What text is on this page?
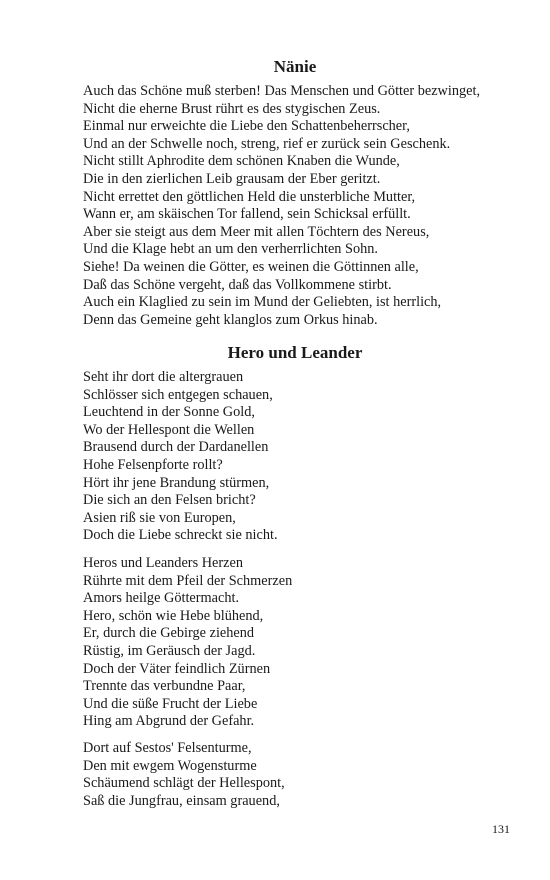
Nänie
Auch das Schöne muß sterben! Das Menschen und Götter bezwinget,
Nicht die eherne Brust rührt es des stygischen Zeus.
Einmal nur erweichte die Liebe den Schattenbeherrscher,
Und an der Schwelle noch, streng, rief er zurück sein Geschenk.
Nicht stillt Aphrodite dem schönen Knaben die Wunde,
Die in den zierlichen Leib grausam der Eber geritzt.
Nicht errettet den göttlichen Held die unsterbliche Mutter,
Wann er, am skäischen Tor fallend, sein Schicksal erfüllt.
Aber sie steigt aus dem Meer mit allen Töchtern des Nereus,
Und die Klage hebt an um den verherrlichten Sohn.
Siehe! Da weinen die Götter, es weinen die Göttinnen alle,
Daß das Schöne vergeht, daß das Vollkommene stirbt.
Auch ein Klaglied zu sein im Mund der Geliebten, ist herrlich,
Denn das Gemeine geht klanglos zum Orkus hinab.
Hero und Leander
Seht ihr dort die altergrauen
Schlösser sich entgegen schauen,
Leuchtend in der Sonne Gold,
Wo der Hellespont die Wellen
Brausend durch der Dardanellen
Hohe Felsenpforte rollt?
Hört ihr jene Brandung stürmen,
Die sich an den Felsen bricht?
Asien riß sie von Europen,
Doch die Liebe schreckt sie nicht.
Heros und Leanders Herzen
Rührte mit dem Pfeil der Schmerzen
Amors heilge Göttermacht.
Hero, schön wie Hebe blühend,
Er, durch die Gebirge ziehend
Rüstig, im Geräusch der Jagd.
Doch der Väter feindlich Zürnen
Trennte das verbundne Paar,
Und die süße Frucht der Liebe
Hing am Abgrund der Gefahr.
Dort auf Sestos' Felsenturme,
Den mit ewgem Wogensturme
Schäumend schlägt der Hellespont,
Saß die Jungfrau, einsam grauend,
131
